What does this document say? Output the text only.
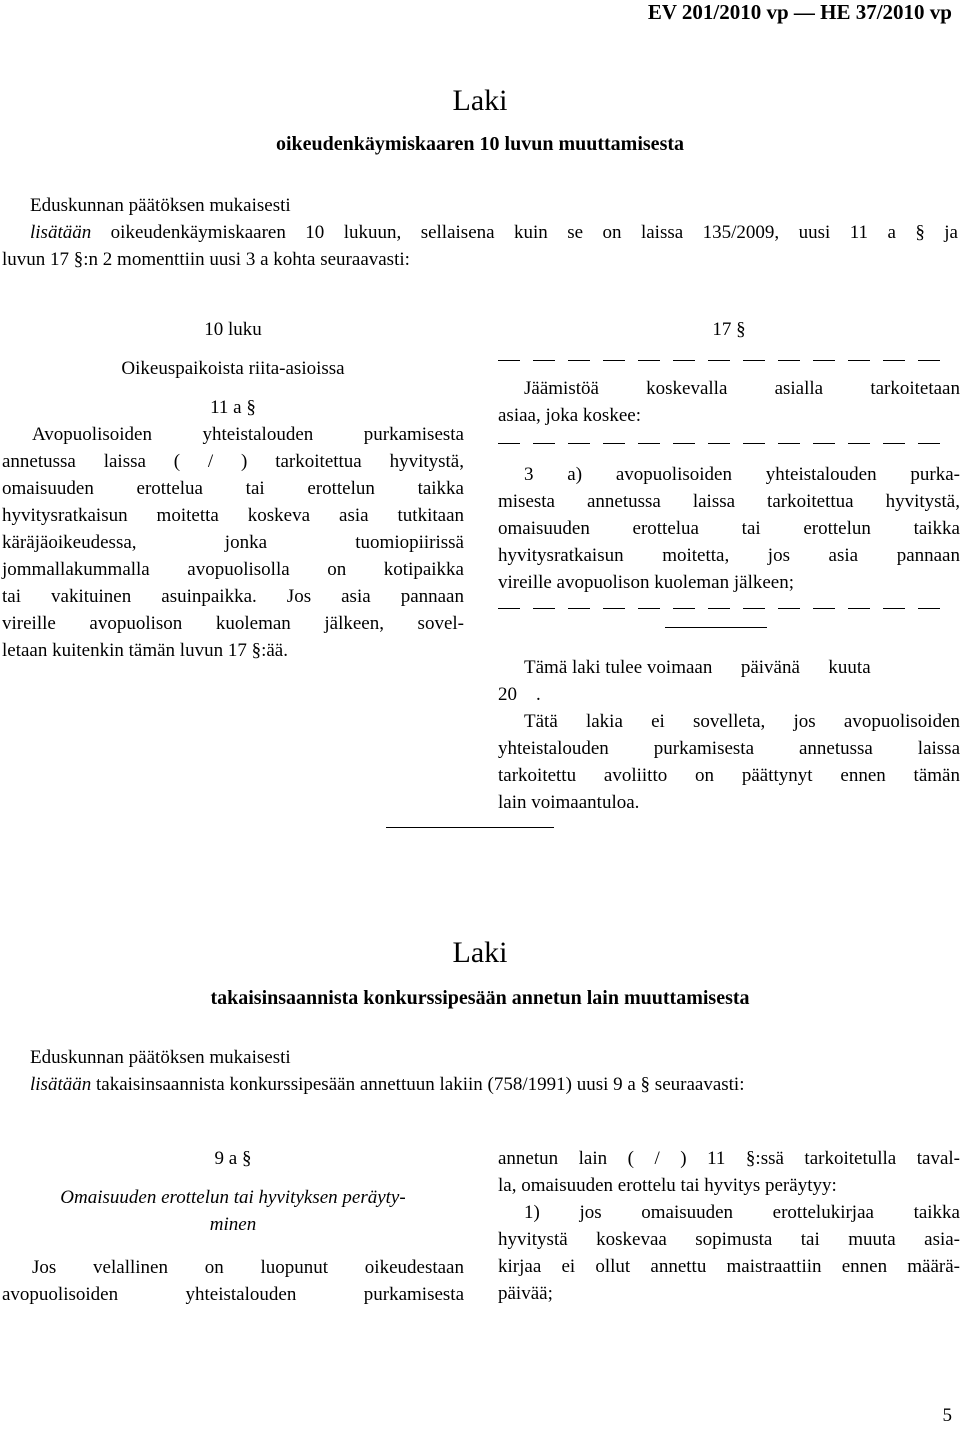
EV 201/2010 vp — HE 37/2010 vp
Laki
oikeudenkäymiskaaren 10 luvun muuttamisesta
Eduskunnan päätöksen mukaisesti
lisätään oikeudenkäymiskaaren 10 lukuun, sellaisena kuin se on laissa 135/2009, uusi 11 a § ja
luvun 17 §:n 2 momenttiin uusi 3 a kohta seuraavasti:
10 luku
Oikeuspaikoista riita-asioissa
11 a §
Avopuolisoiden yhteistalouden purkamisesta
annetussa laissa ( / ) tarkoitettua hyvitystä,
omaisuuden erottelua tai erottelun taikka
hyvitysratkaisun moitetta koskeva asia tutkitaan
käräjäoikeudessa, jonka tuomiopiirissä
jommallakummalla avopuolisolla on kotipaikka
tai vakituinen asuinpaikka. Jos asia pannaan
vireille avopuolison kuoleman jälkeen, sovel-
letaan kuitenkin tämän luvun 17 §:ää.
17 §
Jäämistöä koskevalla asialla tarkoitetaan
asiaa, joka koskee:
3 a) avopuolisoiden yhteistalouden purka-
misesta annetussa laissa tarkoitettua hyvitystä,
omaisuuden erottelua tai erottelun taikka
hyvitysratkaisun moitetta, jos asia pannaan
vireille avopuolison kuoleman jälkeen;
Tämä laki tulee voimaan      päivänä      kuuta
20    .
Tätä lakia ei sovelleta, jos avopuolisoiden
yhteistalouden purkamisesta annetussa laissa
tarkoitettu avoliitto on päättynyt ennen tämän
lain voimaantuloa.
Laki
takaisinsaannista konkurssipesään annetun lain muuttamisesta
Eduskunnan päätöksen mukaisesti
lisätään takaisinsaannista konkurssipesään annettuun lakiin (758/1991) uusi 9 a § seuraavasti:
9 a §
Omaisuuden erottelun tai hyvityksen peräyty-
minen
Jos velallinen on luopunut oikeudestaan
avopuolisoiden yhteistalouden purkamisesta
annetun lain ( / ) 11 §:ssä tarkoitetulla taval-
la, omaisuuden erottelu tai hyvitys peräytyy:
1) jos omaisuuden erottelukirjaa taikka
hyvitystä koskevaa sopimusta tai muuta asia-
kirjaa ei ollut annettu maistraattiin ennen määrä-
päivää;
5
